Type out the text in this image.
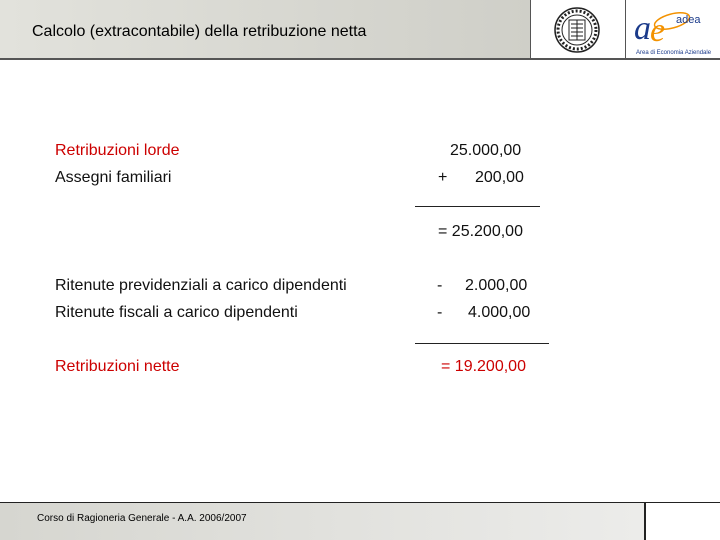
Calcolo (extracontabile) della retribuzione netta	a e adea
Area di Economia Aziendale
Retribuzioni lorde	25.000,00
Assegni familiari	+ 200,00
= 25.200,00
Ritenute previdenziali a carico dipendenti	- 2.000,00
Ritenute fiscali a carico dipendenti	- 4.000,00
Retribuzioni nette	= 19.200,00
Corso di Ragioneria Generale - A.A. 2006/2007
